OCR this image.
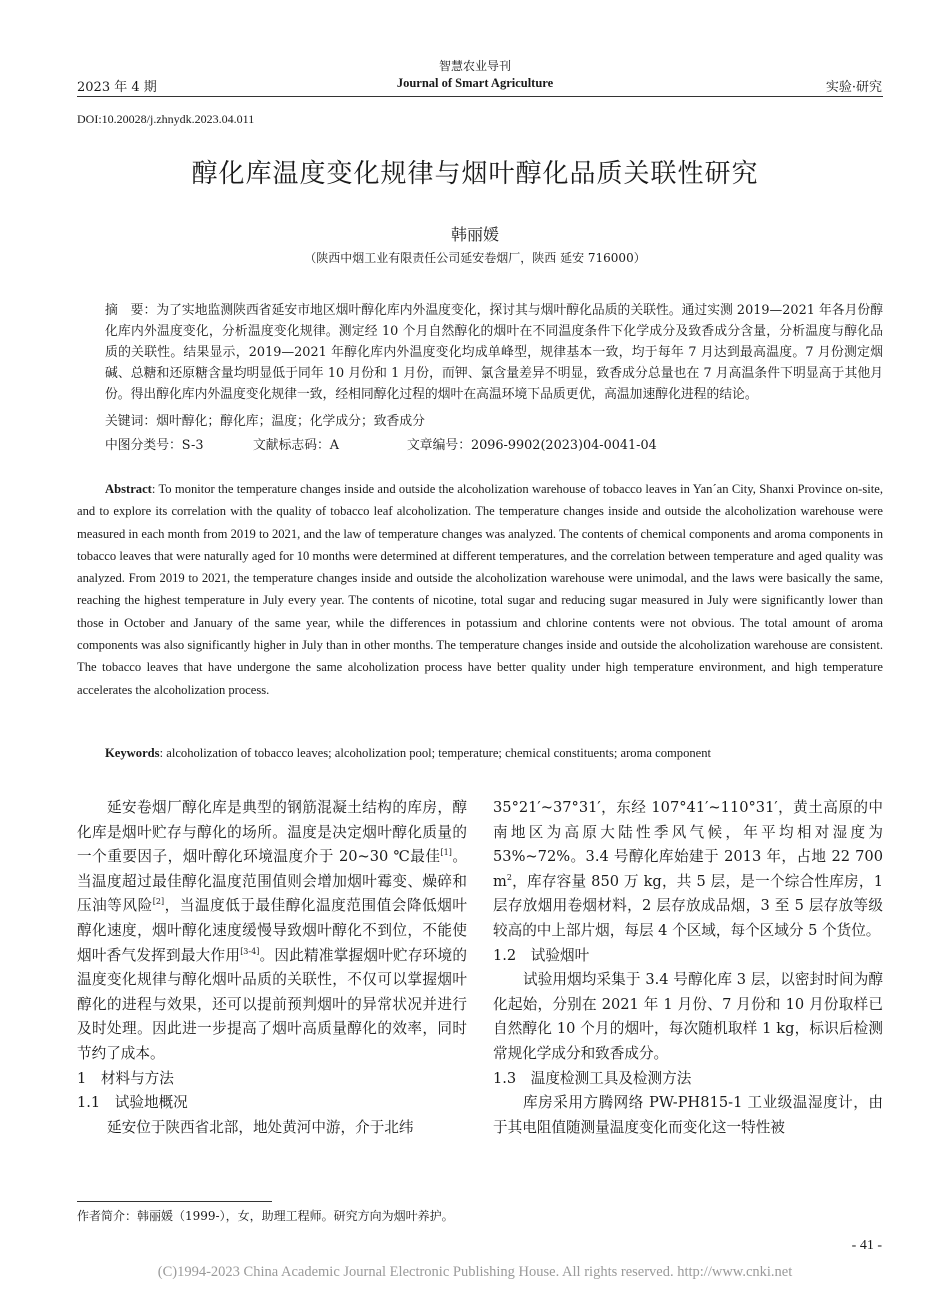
智慧农业导刊
2023 年 4 期	Journal of Smart Agriculture	实验·研究
DOI:10.20028/j.zhnydk.2023.04.011
醇化库温度变化规律与烟叶醇化品质关联性研究
韩丽媛
（陕西中烟工业有限责任公司延安卷烟厂，陕西 延安 716000）
摘　要：为了实地监测陕西省延安市地区烟叶醇化库内外温度变化，探讨其与烟叶醇化品质的关联性。通过实测 2019—2021 年各月份醇化库内外温度变化，分析温度变化规律。测定经 10 个月自然醇化的烟叶在不同温度条件下化学成分及致香成分含量，分析温度与醇化品质的关联性。结果显示，2019—2021 年醇化库内外温度变化均成单峰型，规律基本一致，均于每年 7 月达到最高温度。7 月份测定烟碱、总糖和还原糖含量均明显低于同年 10 月份和 1 月份，而钾、氯含量差异不明显，致香成分总量也在 7 月高温条件下明显高于其他月份。得出醇化库内外温度变化规律一致，经相同醇化过程的烟叶在高温环境下品质更优，高温加速醇化进程的结论。
关键词：烟叶醇化；醇化库；温度；化学成分；致香成分
中图分类号：S-3	文献标志码：A	文章编号：2096-9902(2023)04-0041-04
Abstract: To monitor the temperature changes inside and outside the alcoholization warehouse of tobacco leaves in Yan´an City, Shanxi Province on-site, and to explore its correlation with the quality of tobacco leaf alcoholization. The temperature changes inside and outside the alcoholization warehouse were measured in each month from 2019 to 2021, and the law of temperature changes was analyzed. The contents of chemical components and aroma components in tobacco leaves that were naturally aged for 10 months were determined at different temperatures, and the correlation between temperature and aged quality was analyzed. From 2019 to 2021, the temperature changes inside and outside the alcoholization warehouse were unimodal, and the laws were basically the same, reaching the highest temperature in July every year. The contents of nicotine, total sugar and reducing sugar measured in July were significantly lower than those in October and January of the same year, while the differences in potassium and chlorine contents were not obvious. The total amount of aroma components was also significantly higher in July than in other months. The temperature changes inside and outside the alcoholization warehouse are consistent. The tobacco leaves that have undergone the same alcoholization process have better quality under high temperature environment, and high temperature accelerates the alcoholization process.
Keywords: alcoholization of tobacco leaves; alcoholization pool; temperature; chemical constituents; aroma component

延安卷烟厂醇化库是典型的钢筋混凝土结构的库房，醇化库是烟叶贮存与醇化的场所。温度是决定烟叶醇化质量的一个重要因子，烟叶醇化环境温度介于 20~30 ℃最佳[1]。当温度超过最佳醇化温度范围值则会增加烟叶霉变、燥碎和压油等风险[2]，当温度低于最佳醇化温度范围值会降低烟叶醇化速度，烟叶醇化速度缓慢导致烟叶醇化不到位，不能使烟叶香气发挥到最大作用[3-4]。因此精准掌握烟叶贮存环境的温度变化规律与醇化烟叶品质的关联性，不仅可以掌握烟叶醇化的进程与效果，还可以提前预判烟叶的异常状况并进行及时处理。因此进一步提高了烟叶高质量醇化的效率，同时节约了成本。

1　材料与方法

1.1　试验地概况

延安位于陕西省北部，地处黄河中游，介于北纬

35°21′~37°31′，东经 107°41′~110°31′，黄土高原的中南地区为高原大陆性季风气候，年平均相对湿度为 53%~72%。3.4 号醇化库始建于 2013 年，占地 22 700 $m^2$，库存容量 850 万 kg，共 5 层，是一个综合性库房，1 层存放烟用卷烟材料，2 层存放成品烟，3 至 5 层存放等级较高的中上部片烟，每层 4 个区域，每个区域分 5 个货位。

1.2　试验烟叶

试验用烟均采集于 3.4 号醇化库 3 层，以密封时间为醇化起始，分别在 2021 年 1 月份、7 月份和 10 月份取样已自然醇化 10 个月的烟叶，每次随机取样 1 kg，标识后检测常规化学成分和致香成分。

1.3　温度检测工具及检测方法

库房采用方腾网络 PW-PH815-1 工业级温湿度计，由于其电阻值随测量温度变化而变化这一特性被

作者简介：韩丽媛（1999-），女，助理工程师。研究方向为烟叶养护。
- 41 -
(C)1994-2023 China Academic Journal Electronic Publishing House. All rights reserved. http://www.cnki.net
